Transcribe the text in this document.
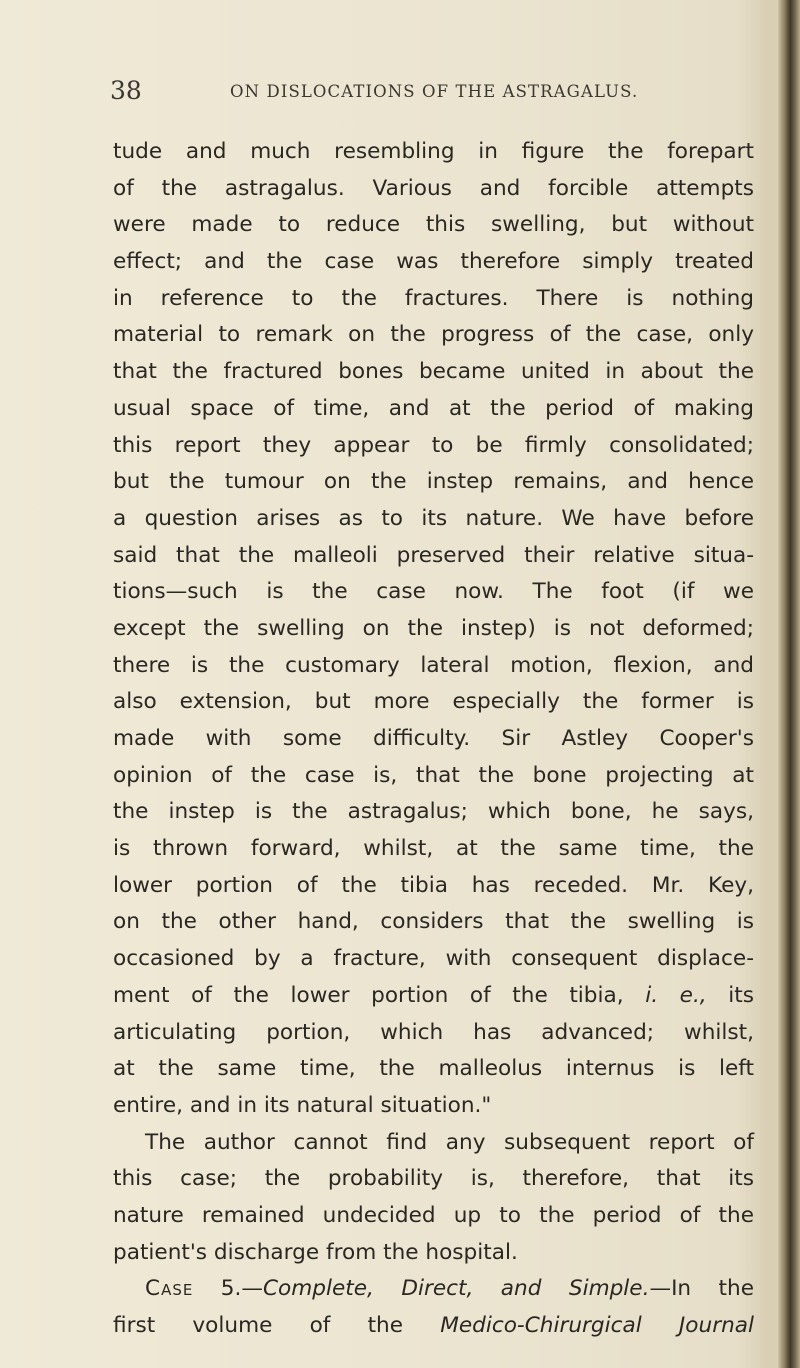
38	ON DISLOCATIONS OF THE ASTRAGALUS.
tude and much resembling in figure the forepart
of the astragalus. Various and forcible attempts
were made to reduce this swelling, but without
effect; and the case was therefore simply treated
in reference to the fractures. There is nothing
material to remark on the progress of the case, only
that the fractured bones became united in about the
usual space of time, and at the period of making
this report they appear to be firmly consolidated;
but the tumour on the instep remains, and hence
a question arises as to its nature. We have before
said that the malleoli preserved their relative situa-
tions—such is the case now. The foot (if we
except the swelling on the instep) is not deformed;
there is the customary lateral motion, flexion, and
also extension, but more especially the former is
made with some difficulty. Sir Astley Cooper's
opinion of the case is, that the bone projecting at
the instep is the astragalus; which bone, he says,
is thrown forward, whilst, at the same time, the
lower portion of the tibia has receded. Mr. Key,
on the other hand, considers that the swelling is
occasioned by a fracture, with consequent displace-
ment of the lower portion of the tibia, i. e., its
articulating portion, which has advanced; whilst,
at the same time, the malleolus internus is left
entire, and in its natural situation."
The author cannot find any subsequent report of
this case; the probability is, therefore, that its
nature remained undecided up to the period of the
patient's discharge from the hospital.
Case 5.—Complete, Direct, and Simple.—In the
first volume of the Medico-Chirurgical Journal
